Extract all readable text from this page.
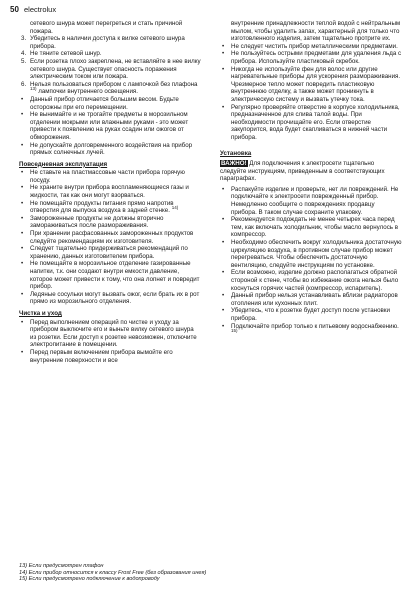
50 electrolux

сетевого шнура может перегреться и стать причиной пожара.

3. Убедитесь в наличии доступа к вилке сетевого шнура прибора.

4. Не тяните сетевой шнур.

5. Если розетка плохо закреплена, не вставляйте в нее вилку сетевого шнура. Существует опасность поражения электрическим током или пожара.

6. Нельзя пользоваться прибором с лампочкой без плафона $^{13)}$ лампочки внутреннего освещения.

• Данный прибор отличается большим весом. Будьте осторожны при его перемещении.

• Не вынимайте и не трогайте предметы в морозильном отделении мокрыми или влажными руками - это может привести к появлению на руках ссадин или ожогов от обморожения.

• Не допускайте долговременного воздействия на прибор прямых солнечных лучей.

Повседневная эксплуатация

• Не ставьте на пластмассовые части прибора горячую посуду.

• Не храните внутри прибора воспламеняющиеся газы и жидкости, так как они могут взорваться.

• Не помещайте продукты питания прямо напротив отверстия для выпуска воздуха в задней стенке. $^{14)}$

• Замороженные продукты не должны вторично замораживаться после размораживания.

• При хранении расфасованных замороженных продуктов следуйте рекомендациям их изготовителя.

• Следует тщательно придерживаться рекомендаций по хранению, данных изготовителем прибора.

• Не помещайте в морозильное отделение газированные напитки, т.к. они создают внутри емкости давление, которое может привести к тому, что она лопнет и повредит прибор.

• Ледяные сосульки могут вызвать ожог, если брать их в рот прямо из морозильного отделения.

Чистка и уход

• Перед выполнением операций по чистке и уходу за прибором выключите его и выньте вилку сетевого шнура из розетки. Если доступ к розетке невозможен, отключите электропитание в помещении.

• Перед первым включением прибора вымойте его внутренние поверхности и все

внутренние принадлежности теплой водой с нейтральным мылом, чтобы удалить запах, характерный для только что изготовленного изделия, затем тщательно протрите их.

• Не следует чистить прибор металлическими предметами.

• Не пользуйтесь острыми предметами для удаления льда с прибора. Используйте пластиковый скребок.

• Никогда не используйте фен для волос или другие нагревательные приборы для ускорения размораживания. Чрезмерное тепло может повредить пластиковую внутреннюю отделку, а также может проникнуть в электрическую систему и вызвать утечку тока.

• Регулярно проверяйте отверстие в корпусе холодильника, предназначенное для слива талой воды. При необходимости прочищайте его. Если отверстие закупорится, вода будет скапливаться в нижней части прибора.

Установка

ВАЖНО! Для подключения к электросети тщательно следуйте инструкциям, приведенным в соответствующих параграфах.

• Распакуйте изделие и проверьте, нет ли повреждений. Не подключайте к электросети поврежденный прибор. Немедленно сообщите о повреждениях продавцу прибора. В таком случае сохраните упаковку.

• Рекомендуется подождать не менее четырех часа перед тем, как включать холодильник, чтобы масло вернулось в компрессор.

• Необходимо обеспечить вокруг холодильника достаточную циркуляцию воздуха, в противном случае прибор может перегреваться. Чтобы обеспечить достаточную вентиляцию, следуйте инструкциям по установке.

• Если возможно, изделие должно располагаться обратной стороной к стене, чтобы во избежание ожога нельзя было коснуться горячих частей (компрессор, испаритель).

• Данный прибор нельзя устанавливать вблизи радиаторов отопления или кухонных плит.

• Убедитесь, что к розетке будет доступ после установки прибора.

• Подключайте прибор только к питьевому водоснабжению. $^{15)}$

13) Если предусмотрен плафон

14) Если прибор относится к классу Frost Free (без образования инея)

15) Если предусмотрено подключение к водопроводу
